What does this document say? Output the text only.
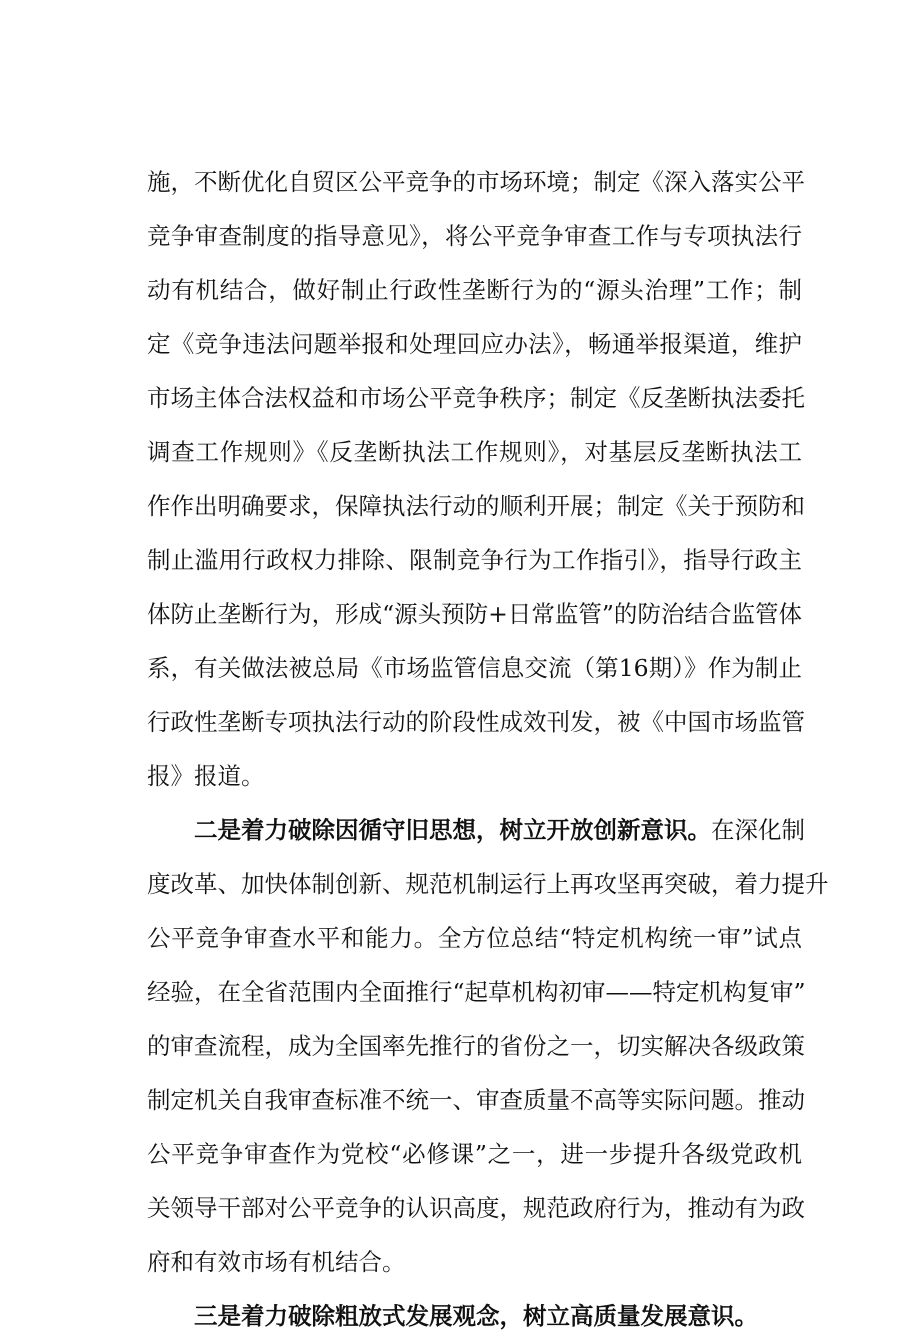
施，不断优化自贸区公平竞争的市场环境；制定《深入落实公平
竞争审查制度的指导意见》，将公平竞争审查工作与专项执法行
动有机结合，做好制止行政性垄断行为的“源头治理”工作；制
定《竞争违法问题举报和处理回应办法》，畅通举报渠道，维护
市场主体合法权益和市场公平竞争秩序；制定《反垄断执法委托
调查工作规则》《反垄断执法工作规则》，对基层反垄断执法工
作作出明确要求，保障执法行动的顺利开展；制定《关于预防和
制止滥用行政权力排除、限制竞争行为工作指引》，指导行政主
体防止垄断行为，形成“源头预防+日常监管”的防治结合监管体
系，有关做法被总局《市场监管信息交流（第16期）》作为制止
行政性垄断专项执法行动的阶段性成效刊发，被《中国市场监管
报》报道。
二是着力破除因循守旧思想，树立开放创新意识。在深化制
度改革、加快体制创新、规范机制运行上再攻坚再突破，着力提升
公平竞争审查水平和能力。全方位总结“特定机构统一审”试点
经验，在全省范围内全面推行“起草机构初审——特定机构复审”
的审查流程，成为全国率先推行的省份之一，切实解决各级政策
制定机关自我审查标准不统一、审查质量不高等实际问题。推动
公平竞争审查作为党校“必修课”之一，进一步提升各级党政机
关领导干部对公平竞争的认识高度，规范政府行为，推动有为政
府和有效市场有机结合。
三是着力破除粗放式发展观念，树立高质量发展意识。
